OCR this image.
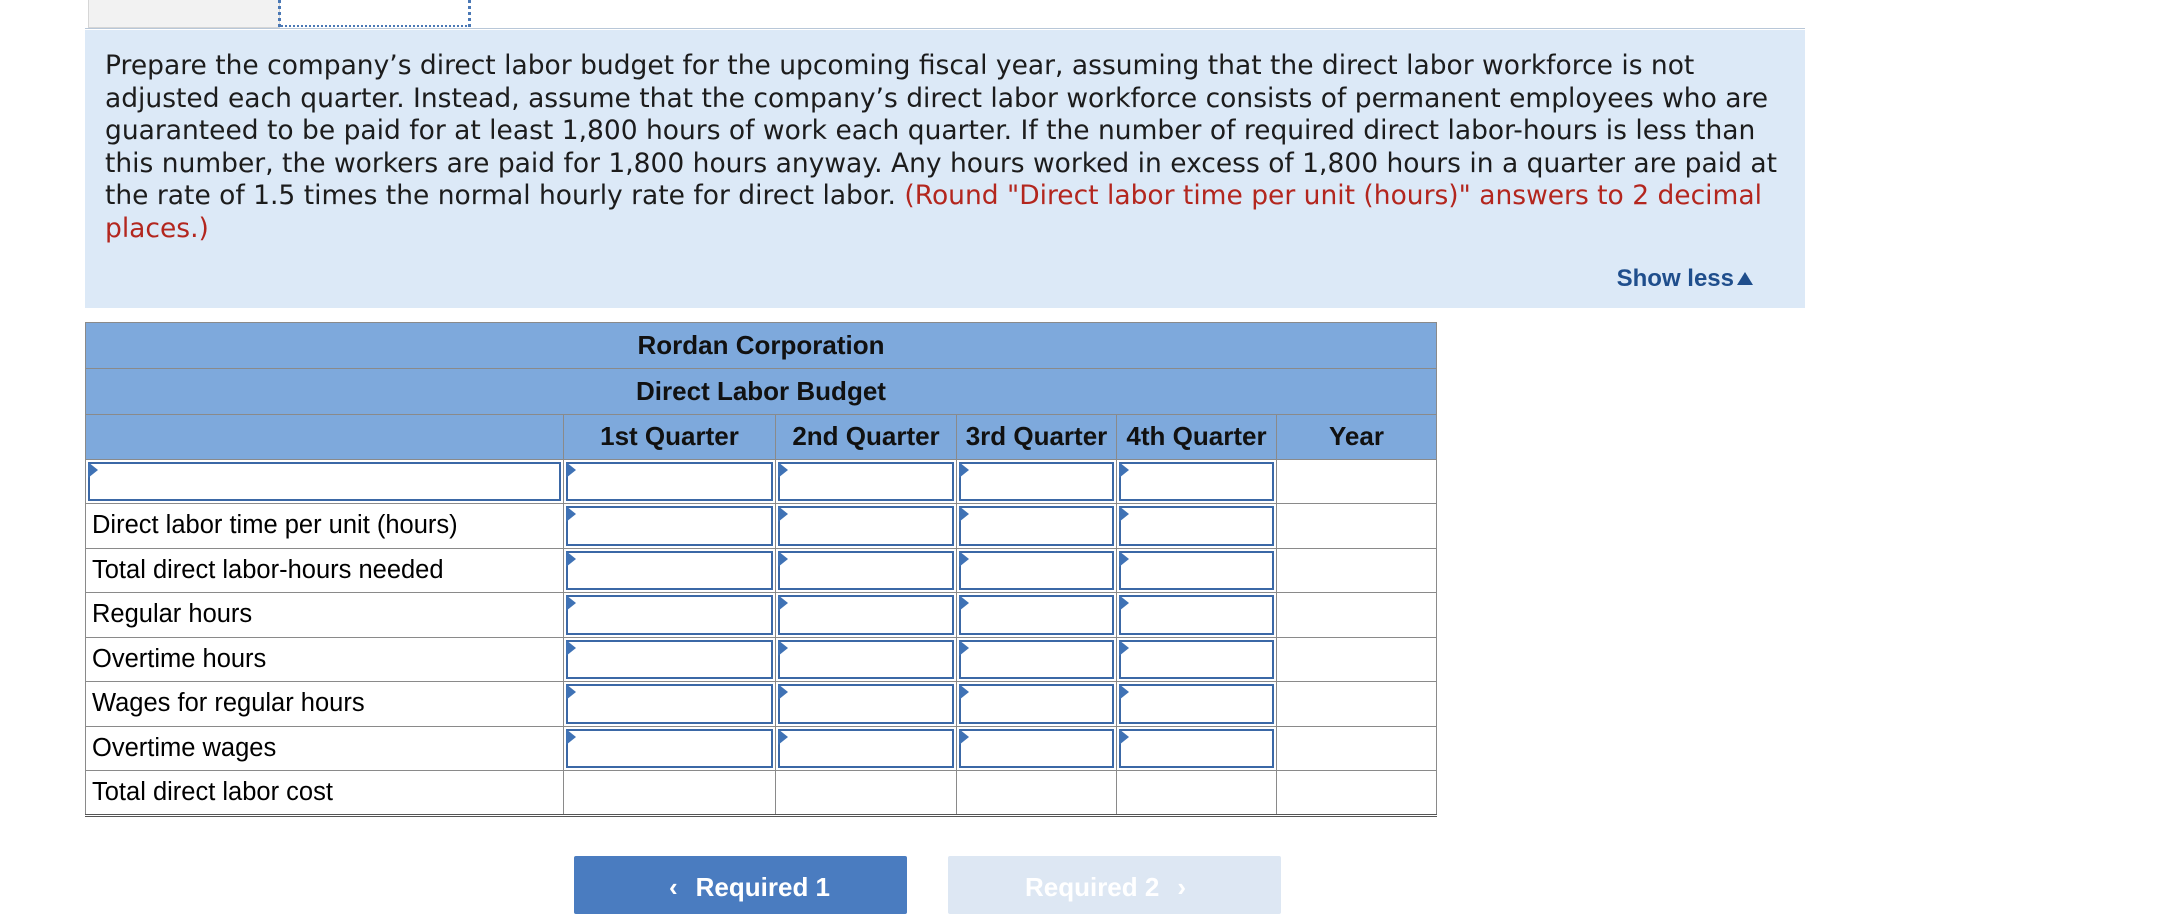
Prepare the company’s direct labor budget for the upcoming fiscal year, assuming that the direct labor workforce is not adjusted each quarter. Instead, assume that the company’s direct labor workforce consists of permanent employees who are guaranteed to be paid for at least 1,800 hours of work each quarter. If the number of required direct labor-hours is less than this number, the workers are paid for 1,800 hours anyway. Any hours worked in excess of 1,800 hours in a quarter are paid at the rate of 1.5 times the normal hourly rate for direct labor. (Round "Direct labor time per unit (hours)" answers to 2 decimal places.)
Show less
Rordan Corporation					
Direct Labor Budget					
	1st Quarter	2nd Quarter	3rd Quarter	4th Quarter	Year

Direct labor time per unit (hours)	

Total direct labor-hours needed	

Regular hours	

Overtime hours	

Wages for regular hours	

Overtime wages	

Total direct labor cost					
‹ Required 1	Required 2 ›
